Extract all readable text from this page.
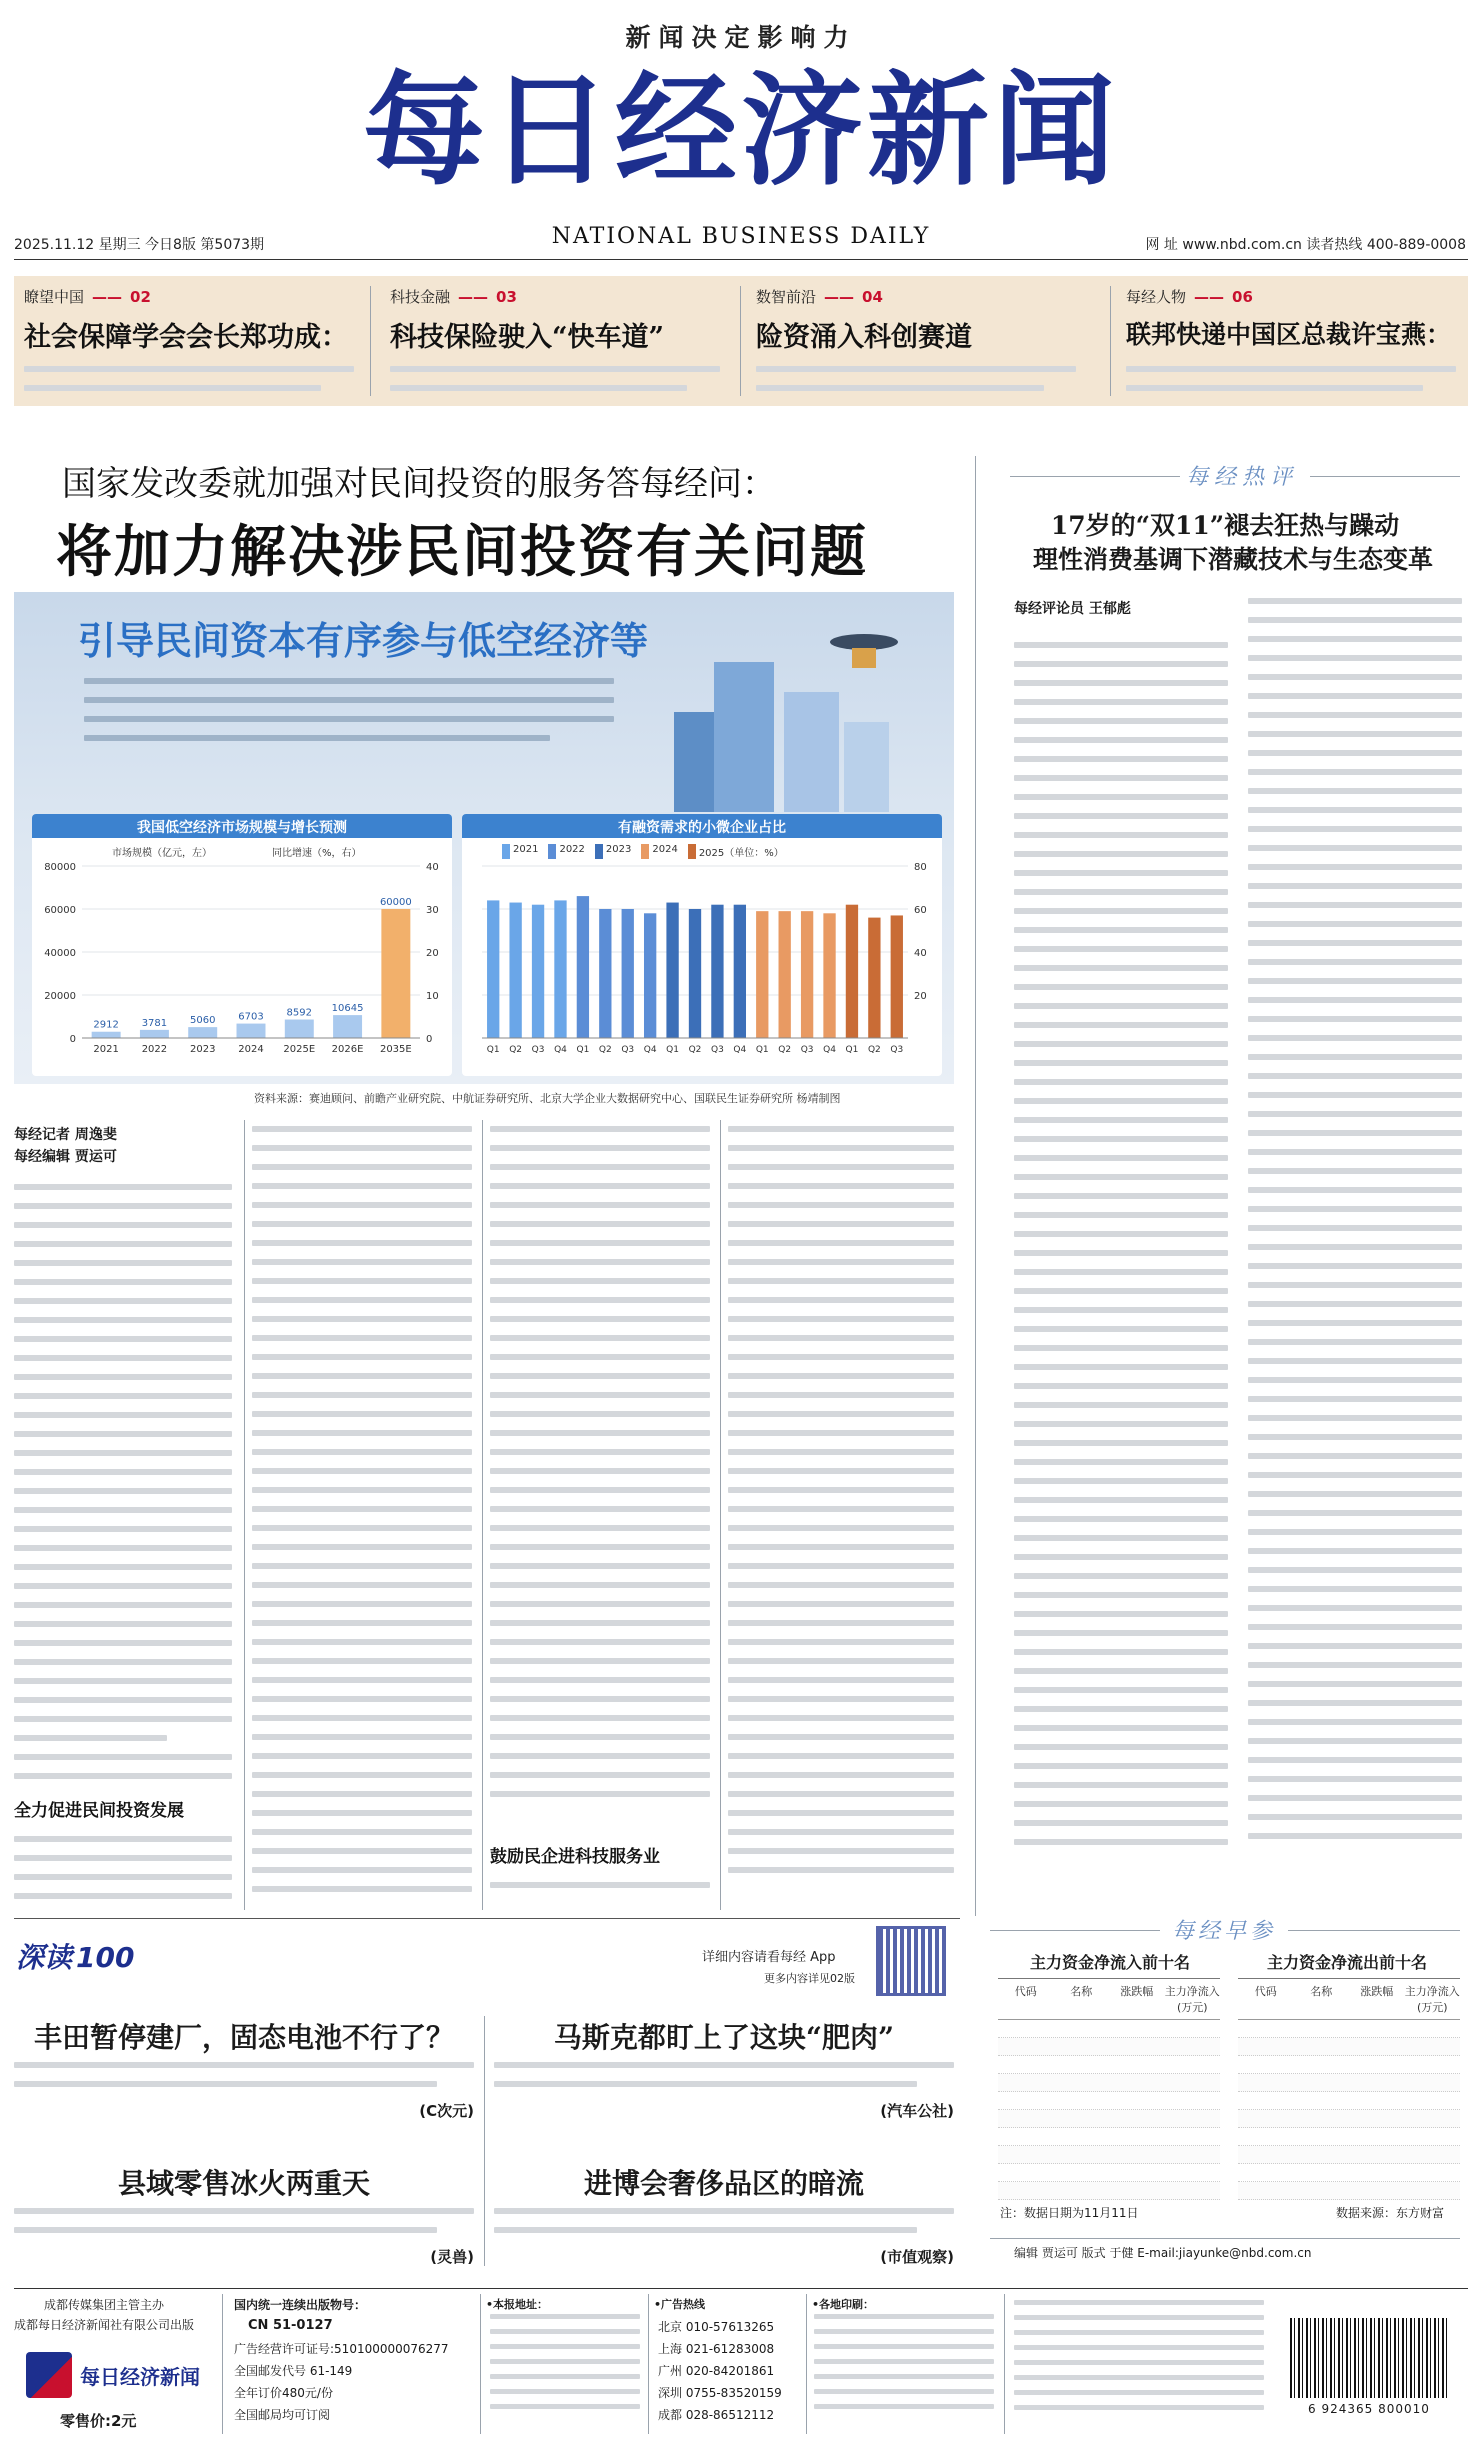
新闻决定影响力
每日经济新闻
NATIONAL BUSINESS DAILY
2025.11.12 星期三 今日8版 第5073期	网 址 www.nbd.com.cn 读者热线 400-889-0008
瞭望中国 —— 02
社会保障学会会长郑功成：
科技金融 —— 03
科技保险驶入“快车道”
数智前沿 —— 04
险资涌入科创赛道
每经人物 —— 06
联邦快递中国区总裁许宝燕：
国家发改委就加强对民间投资的服务答每经问：
将加力解决涉民间投资有关问题
引导民间资本有序参与低空经济等
我国低空经济市场规模与增长预测
市场规模（亿元，左）	同比增速（%，右）
80000
60000
40000
20000
0
40
30
20
10
0
2912
2021
3781
2022
5060
2023
6703
2024
8592
2025E
10645
2026E
60000
2035E
有融资需求的小微企业占比
2021	2022	2023	2024	2025（单位：%）
80
60
40
20
Q1 Q2 Q3 Q4 Q1 Q2 Q3 Q4 Q1 Q2 Q3 Q4 Q1 Q2 Q3 Q4 Q1 Q2 Q3
资料来源：赛迪顾问、前瞻产业研究院、中航证券研究所、北京大学企业大数据研究中心、国联民生证券研究所 杨靖制图
每经记者 周逸斐
每经编辑 贾运可
全力促进民间投资发展
鼓励民企进科技服务业
每经热评
17岁的“双11”褪去狂热与躁动
理性消费基调下潜藏技术与生态变革
每经评论员 王郁彪
深读 100	详细内容请看每经 App
更多内容详见02版
丰田暂停建厂，固态电池不行了？
(C次元)
马斯克都盯上了这块“肥肉”
(汽车公社)
县域零售冰火两重天
(灵兽)
进博会奢侈品区的暗流
(市值观察)
每经早参
主力资金净流入前十名	主力资金净流出前十名
代码	名称	涨跌幅	主力净流入(万元)
代码	名称	涨跌幅	主力净流入(万元)
注：数据日期为11月11日	数据来源：东方财富
编辑 贾运可 版式 于健 E-mail:jiayunke@nbd.com.cn
成都传媒集团主管主办
成都每日经济新闻社有限公司出版
每日经济新闻
零售价:2元
国内统一连续出版物号：
CN 51-0127
广告经营许可证号:510100000076277
全国邮发代号 61-149
全年订价480元/份
全国邮局均可订阅
•本报地址：	•广告热线
北京 010-57613265
上海 021-61283008
广州 020-84201861
深圳 0755-83520159
成都 028-86512112
•各地印刷：
6 924365 800010
